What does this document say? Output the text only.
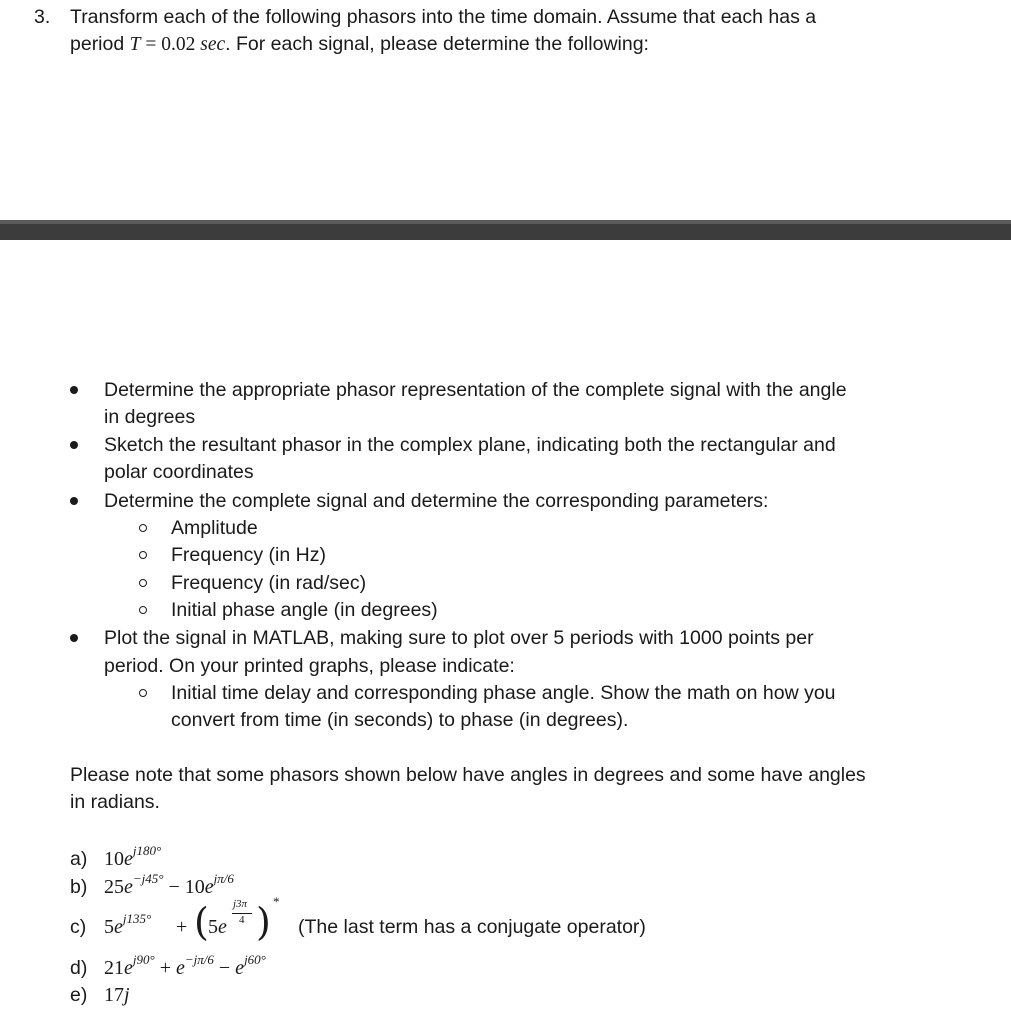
3. Transform each of the following phasors into the time domain. Assume that each has a
period T = 0.02 sec. For each signal, please determine the following:
Determine the appropriate phasor representation of the complete signal with the angle
in degrees
Sketch the resultant phasor in the complex plane, indicating both the rectangular and
polar coordinates
Determine the complete signal and determine the corresponding parameters:
Amplitude
Frequency (in Hz)
Frequency (in rad/sec)
Initial phase angle (in degrees)
Plot the signal in MATLAB, making sure to plot over 5 periods with 1000 points per
period. On your printed graphs, please indicate:
Initial time delay and corresponding phase angle. Show the math on how you
convert from time (in seconds) to phase (in degrees).
Please note that some phasors shown below have angles in degrees and some have angles
in radians.
a) $10e^{j180^\circ}$
b) $25e^{-j45^\circ} - 10e^{j\pi/6}$
c) $5e^{j135^\circ}$ + ( 5e
j3π
4 ) *
(The last term has a conjugate operator)
d) $21e^{j90^\circ} + e^{-j\pi/6} - e^{j60^\circ}$
e) 17j
